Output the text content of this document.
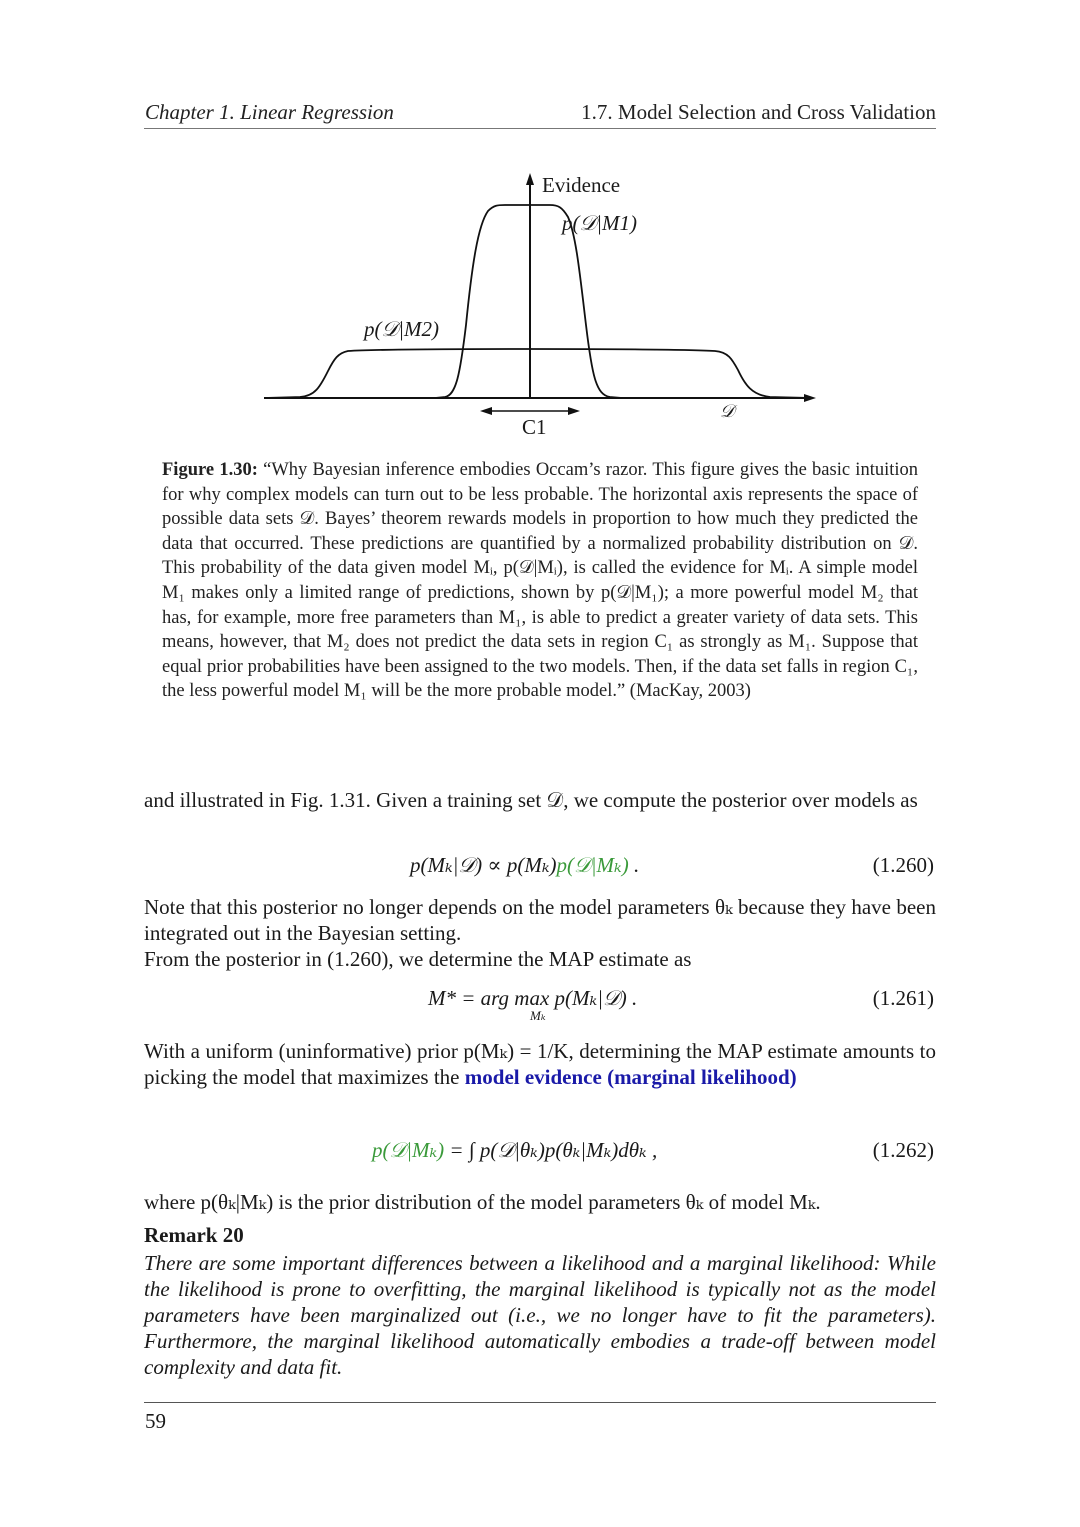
Chapter 1. Linear Regression	1.7. Model Selection and Cross Validation
Evidence
p(𝒟|M1)
p(𝒟|M2)
𝒟
C1
Figure 1.30: “Why Bayesian inference embodies Occam’s razor. This figure gives the basic intuition for why complex models can turn out to be less probable. The horizontal axis represents the space of possible data sets 𝒟. Bayes’ theorem rewards models in proportion to how much they predicted the data that occurred. These predictions are quantified by a normalized probability distribution on 𝒟. This probability of the data given model Mᵢ, p(𝒟|Mᵢ), is called the evidence for Mᵢ. A simple model M₁ makes only a limited range of predictions, shown by p(𝒟|M₁); a more powerful model M₂ that has, for example, more free parameters than M₁, is able to predict a greater variety of data sets. This means, however, that M₂ does not predict the data sets in region C₁ as strongly as M₁. Suppose that equal prior probabilities have been assigned to the two models. Then, if the data set falls in region C₁, the less powerful model M₁ will be the more probable model.” (MacKay, 2003)
and illustrated in Fig. 1.31. Given a training set 𝒟, we compute the posterior over models as
p(Mₖ|𝒟) ∝ p(Mₖ)p(𝒟|Mₖ) .	(1.260)
Note that this posterior no longer depends on the model parameters θₖ because they have been integrated out in the Bayesian setting.
From the posterior in (1.260), we determine the MAP estimate as
M* = arg max p(Mₖ|𝒟) .
Mₖ
(1.261)
With a uniform (uninformative) prior p(Mₖ) = 1/K, determining the MAP estimate amounts to picking the model that maximizes the model evidence (marginal likelihood)
p(𝒟|Mₖ) = ∫ p(𝒟|θₖ)p(θₖ|Mₖ)dθₖ ,	(1.262)
where p(θₖ|Mₖ) is the prior distribution of the model parameters θₖ of model Mₖ.
Remark 20
There are some important differences between a likelihood and a marginal likelihood: While the likelihood is prone to overfitting, the marginal likelihood is typically not as the model parameters have been marginalized out (i.e., we no longer have to fit the parameters). Furthermore, the marginal likelihood automatically embodies a trade-off between model complexity and data fit.
59
